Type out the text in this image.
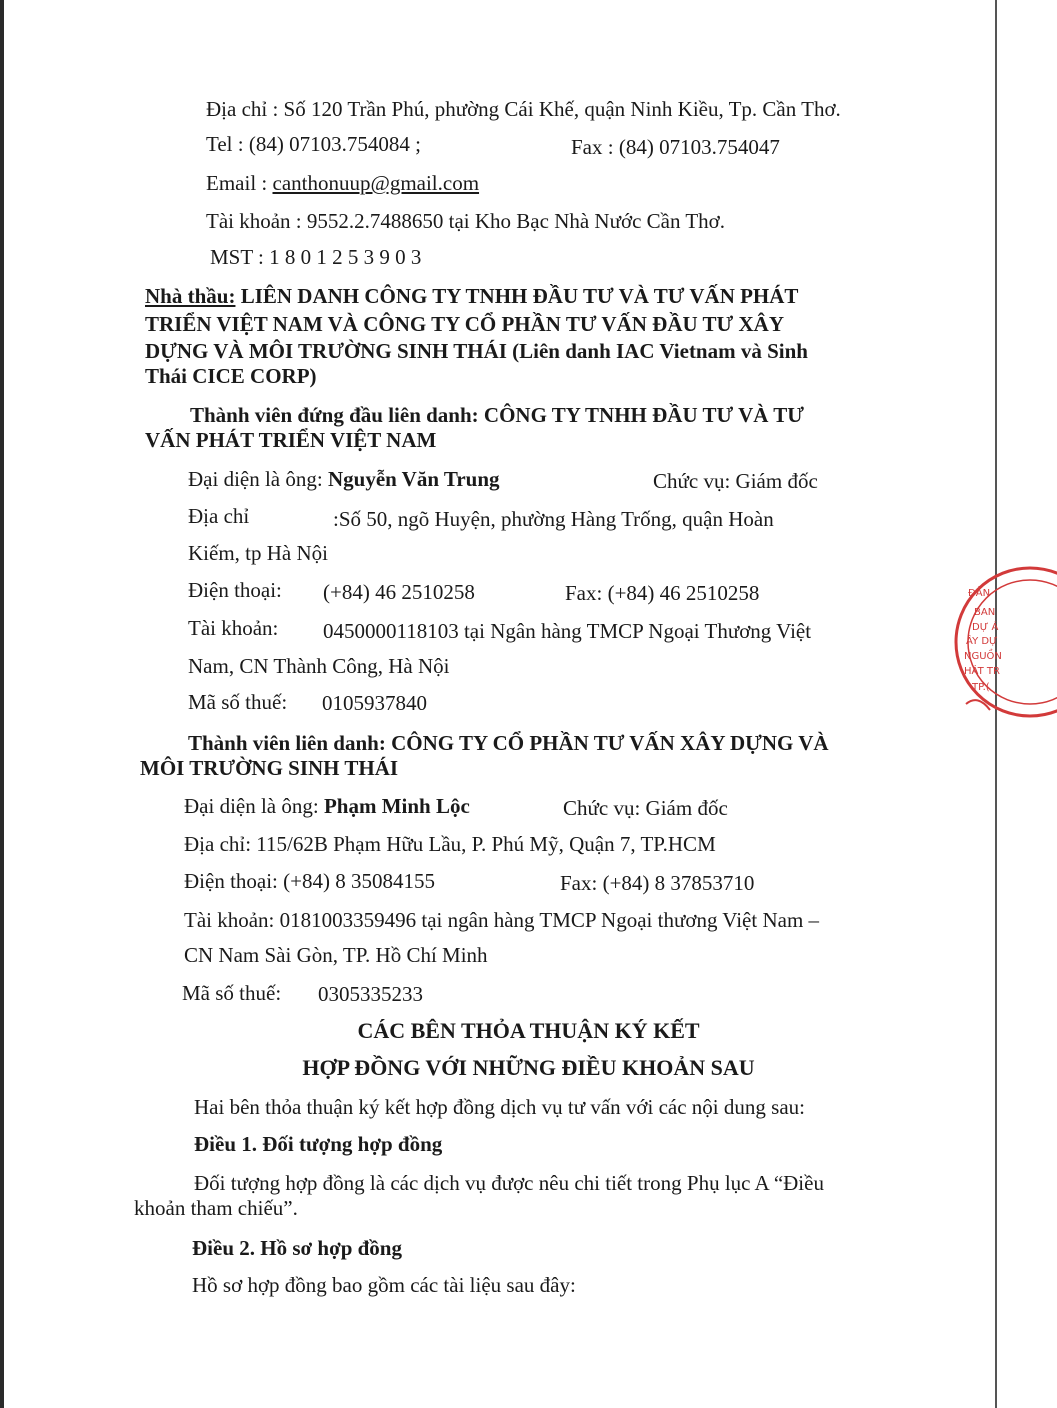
Địa chỉ : Số 120 Trần Phú, phường Cái Khế, quận Ninh Kiều, Tp. Cần Thơ.
Tel : (84) 07103.754084 ;	Fax : (84) 07103.754047
Email : canthonuup@gmail.com
Tài khoản : 9552.2.7488650 tại Kho Bạc Nhà Nước Cần Thơ.
MST : 1 8 0 1 2 5 3 9 0 3
Nhà thầu: LIÊN DANH CÔNG TY TNHH ĐẦU TƯ VÀ TƯ VẤN PHÁT
TRIỂN VIỆT NAM VÀ CÔNG TY CỔ PHẦN TƯ VẤN ĐẦU TƯ XÂY
DỰNG VÀ MÔI TRƯỜNG SINH THÁI (Liên danh IAC Vietnam và Sinh
Thái CICE CORP)
Thành viên đứng đầu liên danh: CÔNG TY TNHH ĐẦU TƯ VÀ TƯ
VẤN PHÁT TRIỂN VIỆT NAM
Đại diện là ông: Nguyễn Văn Trung	Chức vụ: Giám đốc
Địa chỉ	:Số 50, ngõ Huyện, phường Hàng Trống, quận Hoàn
Kiếm, tp Hà Nội
Điện thoại: (+84) 46 2510258	Fax: (+84) 46 2510258
Tài khoản: 0450000118103 tại Ngân hàng TMCP Ngoại Thương Việt
Nam, CN Thành Công, Hà Nội
Mã số thuế: 0105937840
Thành viên liên danh: CÔNG TY CỔ PHẦN TƯ VẤN XÂY DỰNG VÀ
MÔI TRƯỜNG SINH THÁI
Đại diện là ông: Phạm Minh Lộc	Chức vụ: Giám đốc
Địa chỉ: 115/62B Phạm Hữu Lầu, P. Phú Mỹ, Quận 7, TP.HCM
Điện thoại: (+84) 8 35084155	Fax: (+84) 8 37853710
Tài khoản: 0181003359496 tại ngân hàng TMCP Ngoại thương Việt Nam –
CN Nam Sài Gòn, TP. Hồ Chí Minh
Mã số thuế: 0305335233
CÁC BÊN THỎA THUẬN KÝ KẾT
HỢP ĐỒNG VỚI NHỮNG ĐIỀU KHOẢN SAU
Hai bên thỏa thuận ký kết hợp đồng dịch vụ tư vấn với các nội dung sau:
Điều 1. Đối tượng hợp đồng
Đối tượng hợp đồng là các dịch vụ được nêu chi tiết trong Phụ lục A “Điều
khoản tham chiếu”.
Điều 2. Hồ sơ hợp đồng
Hồ sơ hợp đồng bao gồm các tài liệu sau đây:
ĐẢN
BAN
DỰ Á
ÂY DỰ
NGUỒN
HÁT TR
TP.(
